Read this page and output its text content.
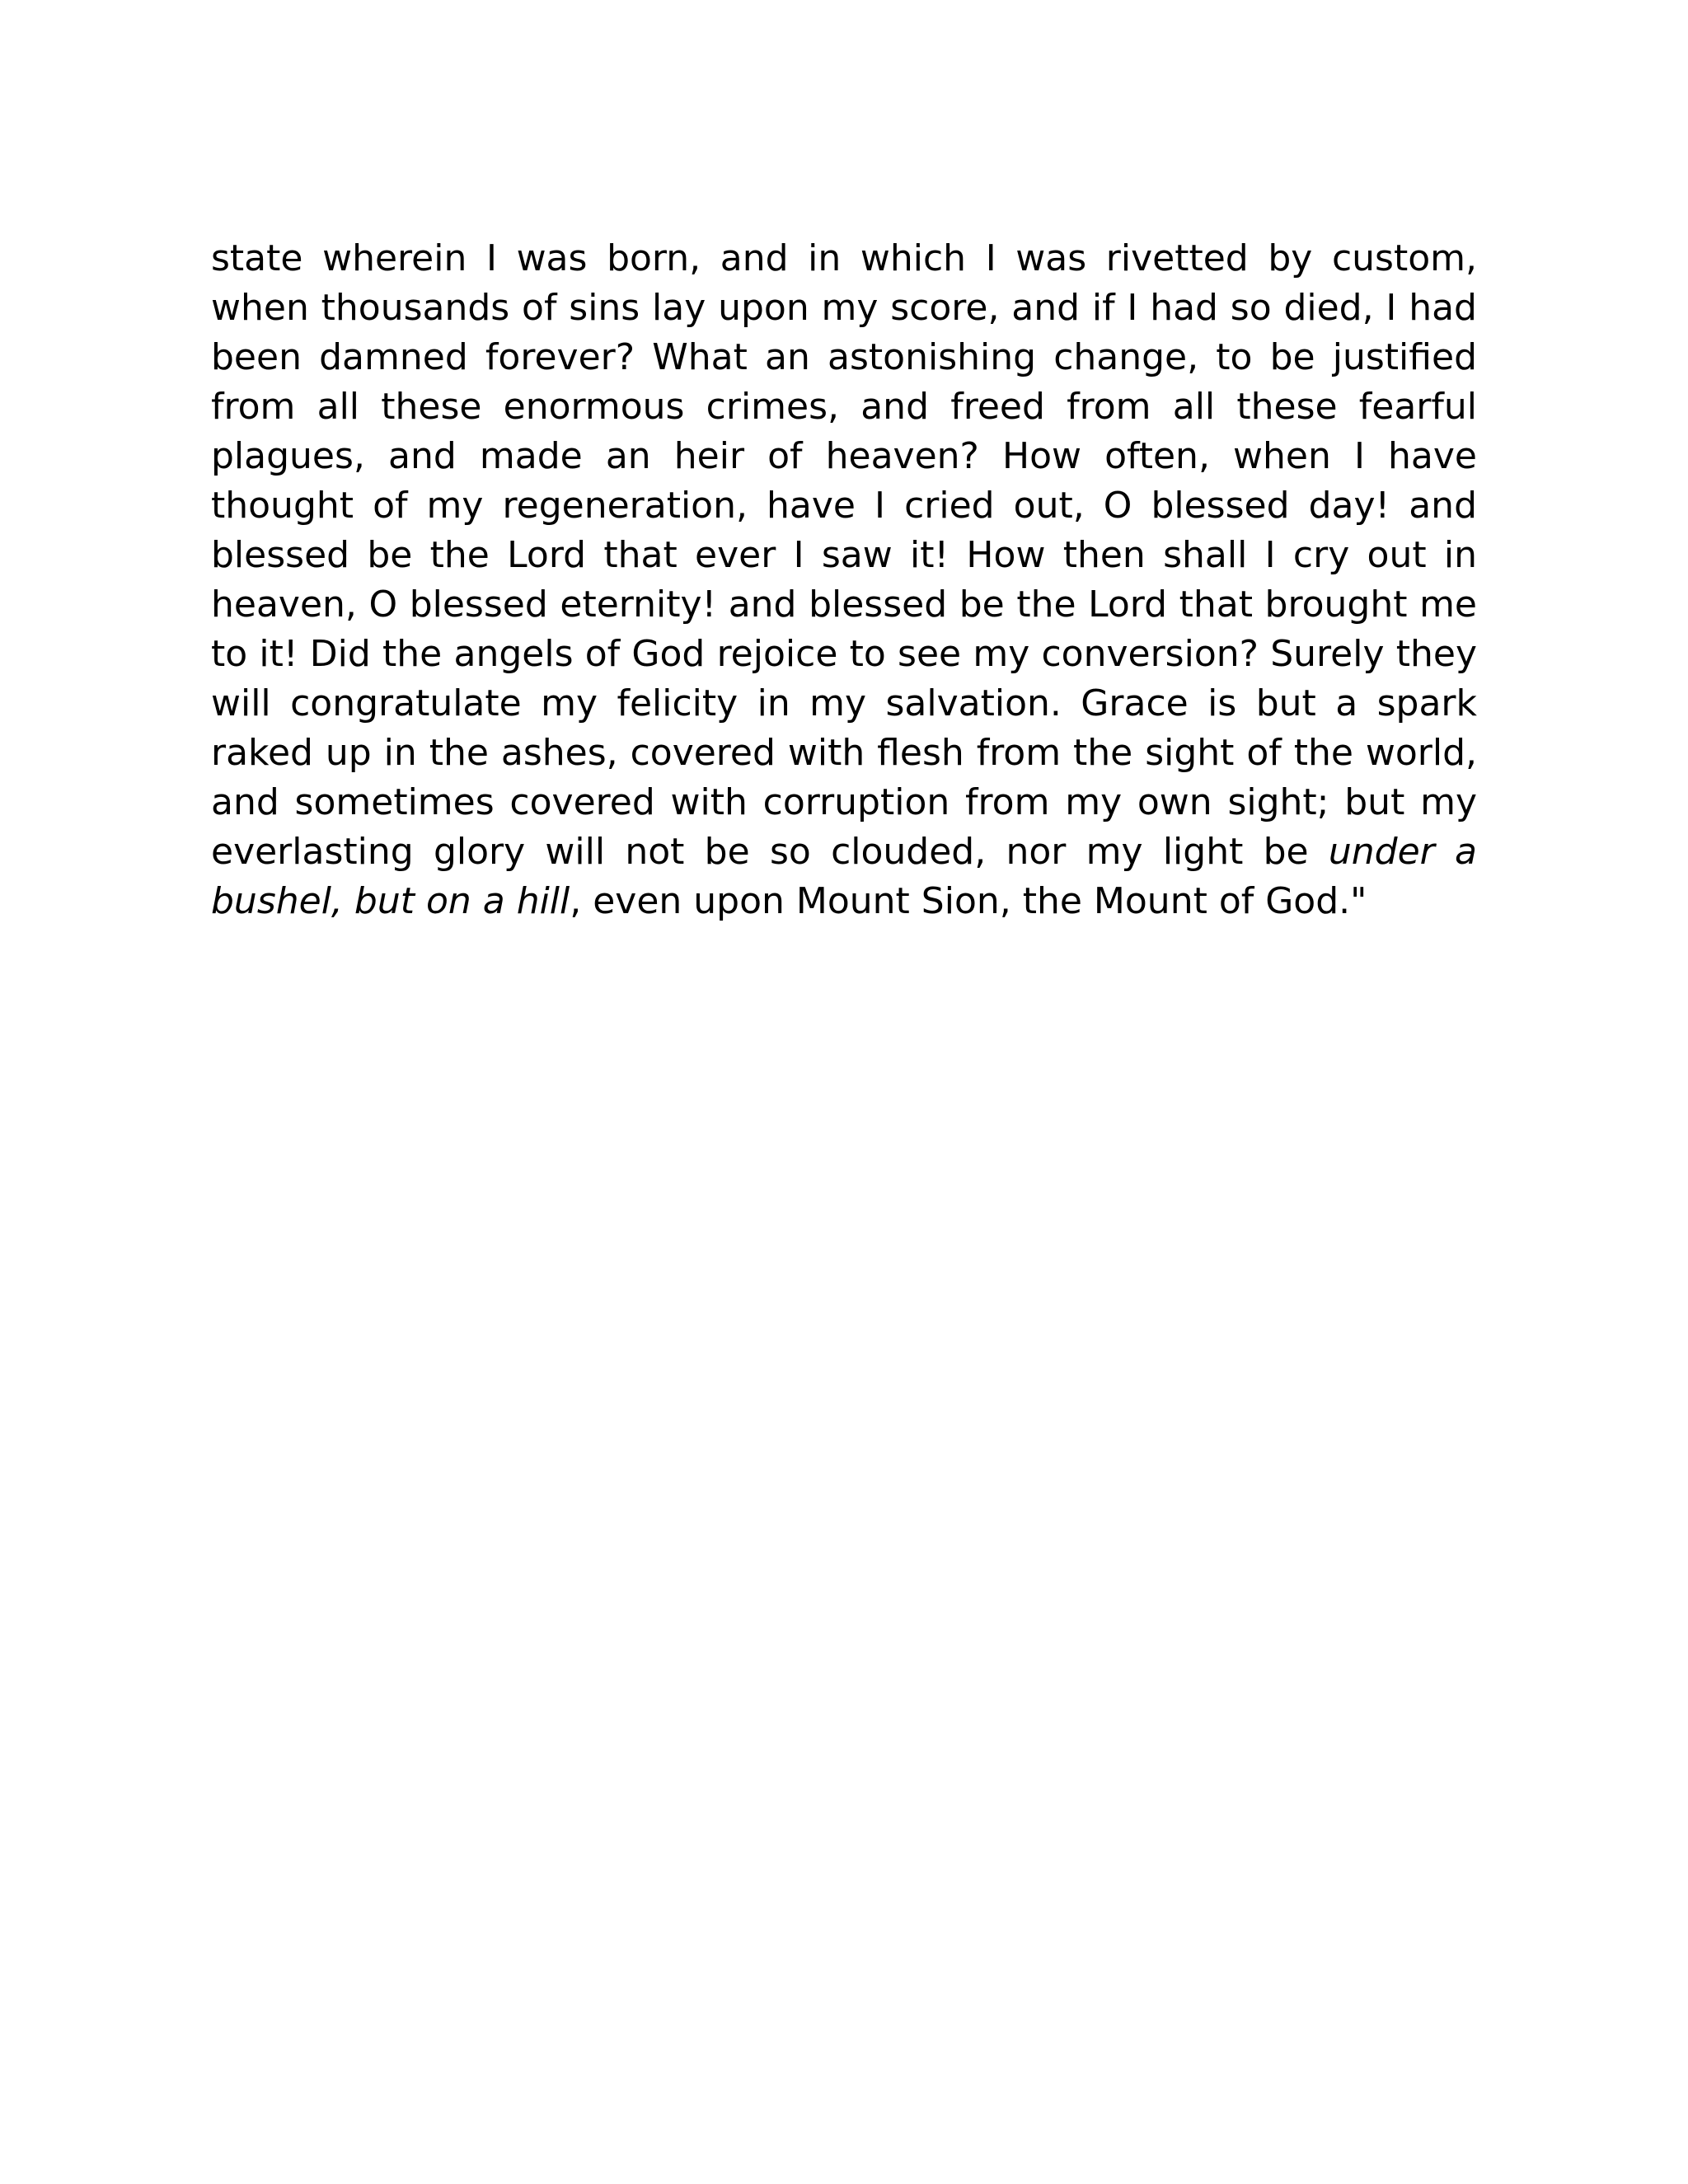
state wherein I was born, and in which I was rivetted by custom, when thousands of sins lay upon my score, and if I had so died, I had been damned forever? What an astonishing change, to be justified from all these enormous crimes, and freed from all these fearful plagues, and made an heir of heaven? How often, when I have thought of my regeneration, have I cried out, O blessed day! and blessed be the Lord that ever I saw it! How then shall I cry out in heaven, O blessed eternity! and blessed be the Lord that brought me to it! Did the angels of God rejoice to see my conversion? Surely they will congratulate my felicity in my salvation. Grace is but a spark raked up in the ashes, covered with flesh from the sight of the world, and sometimes covered with corruption from my own sight; but my everlasting glory will not be so clouded, nor my light be under a bushel, but on a hill, even upon Mount Sion, the Mount of God."
